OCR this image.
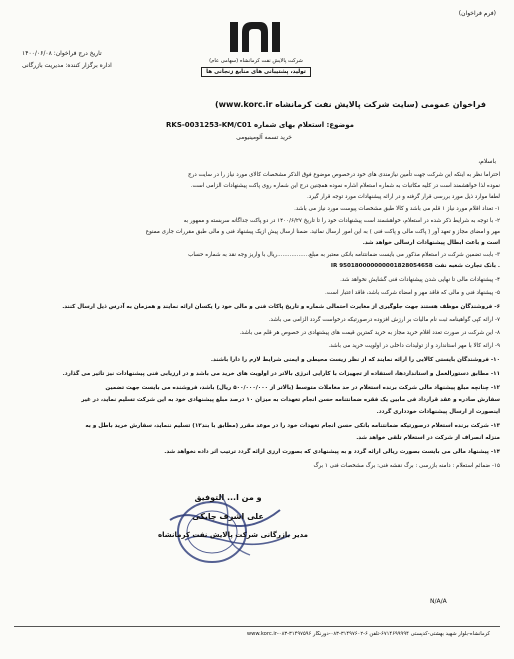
(فرم فراخوان)
شرکت پالایش نفت کرمانشاه (سهامی عام)
تولید، پشتیبانی های منابع زنجانی ها
تاریخ درج فراخوان: ۱۴۰۰/۰۶/۰۸
اداره برگزار کننده: مدیریت بازرگانی
فراخوان عمومی (سایت شرکت پالایش نفت کرمانشاه www.korc.ir)
موضوع: استعلام بهای شماره RKS-0031253-KM/C01
خرید تسمه آلومینیومی
باسلام،
احتراما نظر به اینکه این شرکت جهت تأمین نیازمندی های خود درخصوص موضوع فوق الذکر مشخصات کالای مورد نیاز را در سایت درج
نموده لذا خواهشمند است در کلیه مکاتبات به شماره استعلام اشاره نموده همچنین درج این شماره روی پاکت پیشنهادات الزامی است.
لطفا موارد ذیل مورد بررسی قرار گرفته و در ارائه پیشنهادات مورد توجه قرار گیرد.
۱- تعداد اقلام مورد نیاز ۱ قلم می باشد و کالا طبق مشخصات پیوست مورد نیاز می باشد.
۲- با توجه به شرایط ذکر شده در استعلام، خواهشمند است پیشنهادات خود را تا تاریخ ۱۴۰۰/۶/۲۷ در دو پاکت جداگانه سربسته و ممهور به
مهر و امضای مجاز و تعهد آور ( پاکت مالی و پاکت فنی ) به این امور ارسال نمائید. ضمنا ارسال پیش ازیک پیشنهاد فنی و مالی طبق مقررات جاری ممنوع
است و باعث ابطال پیشنهادات ارسالی خواهد شد.
۳- بابت تضمین شرکت در استعلام مذکور می بایست ضمانتنامه بانکی معتبر به مبلغ..................ریال با واریز وجه نقد به شماره حساب
IR 950180000000001828054658 بانک تجارت شعبه نفت .
۴- پیشنهادات مالی تا نهایی شدن پیشنهادات فنی گشایش نخواهد شد.
۵- پیشنهاد فنی و مالی که فاقد مهر و امضاء شرکت باشد، فاقد اعتبار است.
۶- فروشندگان موظف هستند جهت جلوگیری از مغایرت احتمالی شماره و تاریخ پاکات فنی و مالی خود را یکسان ارائه نمایند و همزمان به آدرس ذیل ارسال کنند.
۷- ارائه کپی گواهینامه ثبت نام مالیات بر ارزش افزوده درصورتیکه درخواست گردد الزامی می باشد.
۸- این شرکت در صورت تعدد اقلام خرید مجاز به خرید کمترین قیمت های پیشنهادی در خصوص هر قلم می باشد.
۹- ارائه کالا با مهر استاندارد و از تولیدات داخلی در اولویت خرید می باشد.
۱۰- فروشندگان بایستی کالایی را ارائه نمایند که از نظر زیست محیطی و ایمنی شرایط لازم را دارا باشند.
۱۱- مطابق دستورالعمل و استانداردها، استفاده از تجهیزات با کارایی انرژی بالاتر در اولویت های خرید می باشد و در ارزیابی فنی پیشنهادات نیز تاثیر می گذارد.
۱۲- چنانچه مبلغ پیشنهاد مالی شرکت برنده استعلام در حد معاملات متوسط (بالاتر از ۵۰۰/۰۰۰/۰۰۰ ریال) باشد، فروشنده می بایست جهت تضمین
سفارش صادره و عقد قرارداد فی مابین یک فقره ضمانتنامه حسن انجام تعهدات به میزان ۱۰ درصد مبلغ پیشنهادی خود به این شرکت تسلیم نماید، در غیر
اینصورت از ارسال پیشنهادات خودداری گردد.
۱۳- شرکت برنده استعلام درصورتیکه ضمانتنامه بانکی حسن انجام تعهدات خود را در موعد مقرر (مطابق با بند۱۲) تسلیم ننماید، سفارش خرید باطل و به
منزله انصراف از شرکت در استعلام تلقی خواهد شد.
۱۴- پیشنهاد مالی می بایست بصورت ریالی ارائه گردد و به پیشنهادی که بصورت ارزی ارائه گردد ترتیب اثر داده نخواهد شد.
۱۵- ضمائم استعلام : دامنه بازرسی : برگ نقشه فنی: برگ مشخصات فنی ۱ برگ
و من ا... التوفیق
علی اشرف چایکی
مدیر بازرگانی شرکت پالایش نفت کرمانشاه
N/A/A
کرمانشاه-بلوار شهید بهشتی-کدپستی ۶۷۱۴۶۹۹۹۹۴-تلفن ۶-۳۱۴۹۷۶۰۲-۰۸۳-دورنگار ۳۱۴۹۷۵۹۶-۰۸۳-www.korc.ir
